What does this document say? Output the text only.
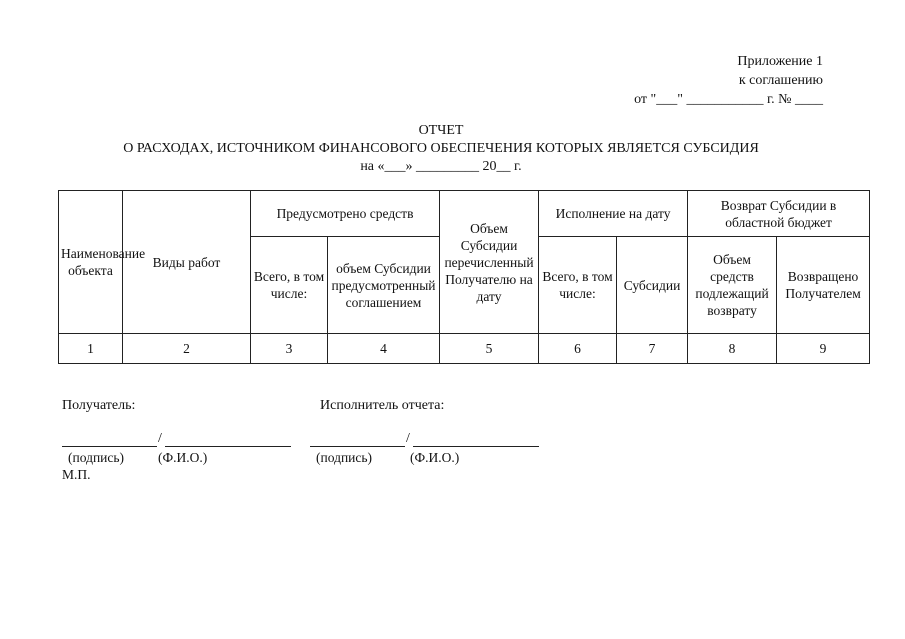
Приложение 1
к соглашению
от "___" ___________ г. № ____
ОТЧЕТ
О РАСХОДАХ, ИСТОЧНИКОМ ФИНАНСОВОГО ОБЕСПЕЧЕНИЯ КОТОРЫХ ЯВЛЯЕТСЯ СУБСИДИЯ
на «___» _________ 20__ г.
Наименование объекта	Виды работ	Предусмотрено средств		Объем Субсидии перечисленный Получателю на дату	Исполнение на дату		Возврат Субсидии в областной бюджет	
		Всего, в том числе:	объем Субсидии предусмотренный соглашением		Всего, в том числе:	Субсидии	Объем средств подлежащий возврату	Возвращено Получателем
1	2	3	4	5	6	7	8	9
Получатель:	Исполнитель отчета:
/	/
(подпись)	(Ф.И.О.)	(подпись)	(Ф.И.О.)
М.П.
